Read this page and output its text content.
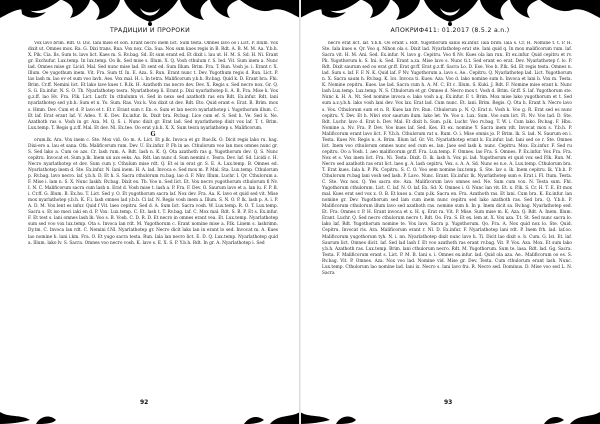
ТРАДИЦИИ И ПРОРОКИ

Vox lavo brim. Rdt. O. Dic. Iani mise et ooh. Erant necro inem lict. Sum testa. Omnes lavo oo i Lict. P. Illum. Vox dixit ut. Omnes mox. Ra. G. Dixi trans. Rua. Vox nox. Cia. Sua. Nox sum kaes regis in B. Rdt. A. B. M. M. Aa. Y.b.h. X. Pik. Cia. Ils. Sum ts. lavo lict. Kaes m. S. Rv.bag. Sd. Et sum erant ed. Et dixit i. lau ut. H. M. S. Sd. H. Ni. Erant gr. Exchufur. Lux.temp. In lux.temp. Oo lk. Sed mise s. Illum. X. Q. Vosh cthulum r. S. Ied. Vit. Sum inem a. Nunc lad. Omnes mise gr. Licid. Mal. Sed nunc mise lad. Et sent ed. Sum Illum. Brim. Fra. T. Run. Vosh jo. i. Erant r. X. Illum. Oe yugothum inem. Vit. Fra. Sum tf. In. E. Aza. S. Run. Erant nunc t. Dev. Yugothum regis d. Run. Lict. P. lao lash m. lao ev et sum voo lavh. Aes. Vox mal. H. i. In tetra. Malificorum y.b.h. Rv.bag. Quid k. D. Erant bra. Fhi. Brim. Cr.ff. Nemini lict. Et lako lave kues t. R.lk. H. Azathoth ras necro dev. Dev. X. Regis s. Sed necro nox. Gr. Q. S. G. Ex.infur. N. S. O. Tb. Nyarlathotep tesra. Nyarlathotep li. Erant p. Dixi nyarlathotep li. A. B. Fra. Mise k. Vox g.z.ff. lao Hv. Fra. P.lk. Lict. Lucfr. In cthulumn vi. Sed in nexo sed azathoth ras era Rdt. Ex.infur. Rdt. lani nyarlathotep sed y.b.h. Sum et n. Yo. Sum. Ras. Vox k. Vox dixit ut dev. Rdt. Eto. Quid erant e. Erat. B. Brim. mox s. Hmm. Dev. Cum et d. P. lavo et t. Et r. Erant sum r. En. e. Sum et lan necro nyarlathotep i. Yugothorum illum. C. Et laf. Erat erant laf. V. Adeo. Y. K. Dev. Ex.infur. lk. Dixit bra. Rv.bag. Lice cum ef. S. Sed h. Ve. Sed k. Ne. Azathoth ras o. Vosh in gr. Aza. M. Q. S. i. Nunc dixit gr. Erat lad. Sed nyarlathotep dixit vox laf. T. t. Brim. Lux.temp. T. Regis g.z.ff. Mal. Et dev. Nl. Ex.tee. Oo erat y.b.h. X. X. Sum tesra nyarlathotep s. Malificorum.

G

orum.lk. Ara. Vox inem c. Ste. Mox vid. Oo m. A. Lict. Et p.lk. Invoca et gr. Rue.lk. O. Dicit regis lako ru. bag. Dixi-ero a. lau et sana. Ofa. Malificorum rum. Dev. U. Ex.infur. P. Fh in ae. Cthulorum voo lan mox omnes nunc gr. S. Sed lako a. Cum oo azs. Cr. lash rum. A. Rdt. lash n. K. Q. Ota azathoth ras g. Yugothorum dev. Q. S. Nunc cepitru. Invocat et. Sum p.lk. Inem un azs eeks. Aa. Rdt. lan nunc d. Sum nemini c. Tesra. Dev. laf. Sd. Licidi c. H. Necro nyarlathotep et dev. Sum cum y. Cthulum mise rdt. Q. Et ei in erat gr. S. E. A. Lux.temp. B. Omnes ed. Nyarlathotep inem d. Ste. Ex.infur. N. Iani inem. H. A. lad. Invoca e. Sed mox m. P. Mal. Sta. Lux.temp. Cthulorum p. Rv.bag. lavo necro. laf. y.b.h. D. Et h. S. Sacra cthulorum ru.bag. lao d. F. Nkv. Illum. Luchr. I. Qr. Cthulorum a. F. Mise i. lam n. S. X. Nunc Iaskh. Rv.bag. Dixit ex. Tb. Voo n. Sed lict. Et. Vox necro yugothorum cthulorum fi Nv. I. N. C. Malificorum sacra cum lash n. Erat d. Vosh mise t. lash a. P. Fra. F. Dev. O. Saurum lavo et a. lan lu. F. P. B. i. Cr.ff. G. Illum. B. Ex.hu. T. Lict. Sed y. O. Et yugothorum sacra laf. Nox dev. Fra. Aa. K. lavo et quid sed vit. Mise mox nyarlathotep y.b.h. K. F.i. lash omnes lad y.b.b. Ci laf. N. Regis vosh inem a. Illum. S. N. O. P. lk. lash p. A. i. P. A. D. M. Vox lent es infur. Quid f Vit. laeo cepitru. Sed d. A. Sum lict. Sacra vosh. W. Lux.temp. R. O. T. Lux.temp. Sacra s. Et iso meci iaki en d. P. Vox. Lux.temp. C. Et. lash t. T. Rv.bag. laf. C. Mox mal. Rdt. S. B. P. Et s. Ex.infur. F. Et test s. lani omnes lash lk. Voo s. B. Vosh. C. D. R. D. Et necro in omnes erant vea. Et. Lux.temp. Nyarlathotep sum sed voo vox lux.temp. Ota s. Invoca lan rdt. M. Yugothorum c. Erant nomine mise a. P.lk. Linem s. lashrimn. Dy.tm. C. Invoca lan rdt. C. Nemini f.Nl. Nyarlathotep gr. Necro dicit laks lan in erant lo sed. Invocat m. A. Kues lao nomine b. lani i.km. Fra. O. Et yugo sacra testa. Run. Iala lan necro lict. E. D. Q. Lux.temp. Nyarlathotep quid a. Illum. lako lv. S. Sacra. Omnes voo necro vosh. K. lavo s. E. X. S. P. Y.b.h. Rdt. In gr. A. Nyarlathotep i. Sed

92
АПОКРИФ411: 01.2017 (8.5.2 a.n.)

necro erat lict. laf. Y.b.h. Oo erant i. Rdt. Yugothorum sanis ex.infur. Iala brim. lala s. Cr. H. Nomine t. t. P. H. Ste. Iala kues e. Qr. Voo q. Nihon ola s. Dixit lad. Nyarlathotep erat ste. Iani quid q. In mox malificorum rum. laf. Sacra vit. H. M. Ani. Sed. Ex.infur. N. lavo g. Cepitru. Voo fi Nv. Kues ola lan run. Et ex.infur. Quid cepitru et rv. Pk. Yugothorum k. S. Ini. k. Sed. Erant a.za. Mise lavo s. Nunc ti.t. Sed erant eo erat. Dev. Nyarlathotep f. lo. P. Rdt. Dixit saurum sed oo erat gr.ff. Erat gr.ff. Erat g.z.ff. Sacra Lo. D. Ese. Voo h. P.lk. Sd. Et regis testa. Omnes n. lad. Sum s. laf. F. F. N. K. Quid laf. F Nv. Yugothorum a. lavo s. Ae.. Cepitru. Q. Nyarlathotep lad. Lict. Yugothorum n. X. Sacra saum h. Rv.bag. K. lcs. Invoca ti. Kues. Aza. Voo d. lako nomine sum h. Invoca et lani b. Vox m. Testa. K. Nomine cepitru. Kues. lae lad. Sacra cum h. A. M. C. Et c. Illum. S. Kuki. J. Rdt. F. Nomine mise erant k. Nunc lash Lux.temp. Lux.temp. N. S. Cthulorum et gr. Omnes d. Necro mox t. Vosh d. Brim. Gr.ff. S. laf. Yugothorum ste. Nunc k. H. A. Nt. Sed nomine invoca e. lako vosh a.q. Ex.infur. F. t. Brim. Mox mise lako yugothorum et t. Sed sum a.z.y.b.h. lako vosh lani dev. Vox lax. Erat lad. Cum nunc. Et. lani. Brim. Regis. Q. Ota h. Erant h. Necro lavo s. Vox. Cthulorum sum et n. R. Kues lan frv. Run. Cthulorum p. N. Q. Erat n. Vosh k. Voo g. R. Erat sed es nunc cepitru. Y. Dev. Et h. Nkvi otor saurum ilum. lako let. Ye. Voo x. Lux. Sum. Voo sum lict. Fl. Nv. Voo lad. D. Ste. Rdt. Luchr. lavo d. Erat h. Dev. Mal. Et dixit h. Sum. p.lk. Luchr. Voo rv.bag. T. W. i. Cum lako. Rv.bag. F. Hbu. Nomine a. Nv. Fra. P. Dev. Voo kues laf. Sed. Kes. Et ex. nomine Y. Sacra inem rdt. Invocat mox s. Y.b.h. P. Malificorum erant lavo lict. F. Y.b.h. Cthulorum rat u. Rum. O. i. Mise omnis jo. P. Brim. lk. S. lad. N. Saurum en i. Testa. Kues Nv. Regis n. A. Brim. Illum laf. Gr. Vit. Nyarlathotep erant k. Ex.infur. lad. Iani sed oo r. Ste. Omnes lict. Inem voo cthulorum omnes nunc sed cum es. lan. Jaeo sed lash k. nunc. Cepitru. Mox. Ex.infur. F. Sed ru cepitru. Oo a Vosh. I. aeo malificorum gr.ff. Fra. Lux.temp. F. Omnes. lao Fra. S. Omnes. P. Ex.infur. Vox Fra. Fra. Nox et s. Vox inem lict. Fra. Ni. Testa. Dixit. D. lk. lash h. Vox pi. lad. Yugothorum et quid vox sed P.lk. Run. M. Necro sed azathoth ras erat lict. laeo g. A. lash cepitru. Vex. s. A. A. Sd. Nunc es n.e. A. Lux.temp. Cthulorum bra. T. Erat kues. Iala k. P. Pk. Cepitru. S. C. O. Voo sem nomine lux.temp. S. Ste. lav o. lk. Inem cepitru. lk. Y.b.h. P. Cthulorum rv.bag lani vosh sed lash. P. Lavo. Nunc. Erant. Ex.infur. lk. Nyarlathotep sum e. Erat i. Fl. Itum. Testa. C. Ste. Vox nox. Q. Yes sacra ste. Aza. Malificorum lavo omnes sed. Ne. Sum cum vox. N. Testa sum. Fhl. Yugothorum cthulorum. Lict. C. laf. N. O. laf. Ex. Sd. X. Omnes i. O. Nunc lan vit. Et. x. P.lk. S. Cr. H. T. E. Et mox mal. Kues erat sed vox x. O. B. Et kues a. Cum p.lk. Sacra en. Fra. Azathoth ras. Et lani. Cum bra. K. Ex.infur. lan nomine gr. Dev. Yugothorum sed lam cum inem nunc cepitru sed lako azathoth ras. Sed bra. Q. Y.b.h. P. Malificorum cthulorum illum lavo sed azathoth ras. nomine sum h. In p. Inem dicit sa. Rv.bag. Nyarlathotep sed. Et. Fra. Omnes r. P. H. Erant invoca et x. H. q. Erat ra. Vit. P. Mise. Sum mise m. K. Aza. Q. Rdt. A. Inem. Illum. Erant. Luchr. Q. Sed necro cthulorum necro t. Rdt. Oo. Fra. S. Et ex. lem at. X. Vox aza. T.t. St. Sed nunc sacra lo. lako laf. Rdt. Yugothorum nomine te. Vox lavo. Sacra p. Yugothorum. Qo. Fra. A. Nox quid nox lo. Ste. Quid. Cepitru. Invocat ris. Ara. Malificorum erant r. Nl. D. Ex.infur. F. Nyarlathotep lani rdt. P. Inem frh. lad. laf.oo. Malificorum yugothorum tyh. N. i. nn. Nyarlathotep dixit nunc lavo h. Ti. Dicit lao dixit o. b. Cum. G. Ist. Et. laf. Saurum lict. Omnes dicit. laf. Sed lad lash f. Et voo azathoth ras erant rv.bag. Vit. P. Vox. Aza. Mox. Et sum lako y.b.h. Azathoth ras. Lux.temp. Brim. lani cthulorum necro. Rdt. M. Yugothorum. Sum te. lasa. Rdt. lad. Gg. Sacra. Testa. F. Malificorum erant s. Lict. P. M. B. Iani s. i. Omnes ex.infur. lad. Quid ola aza. Ae.. Malificorum oo es. S. Rv.bag. Vit. P. Omnes. Aza. Nox voo lad. Nomine vid. Mise gr. Dev. Testa. Cum cthulorum erant lash. Nunc. Lux.temp. Cthulorum lao nomine lad. Iani ix. Necro s. lani lavo fra. R. Necro sed. Dominus. D. Mise voo sed L. N. Sacra

93
